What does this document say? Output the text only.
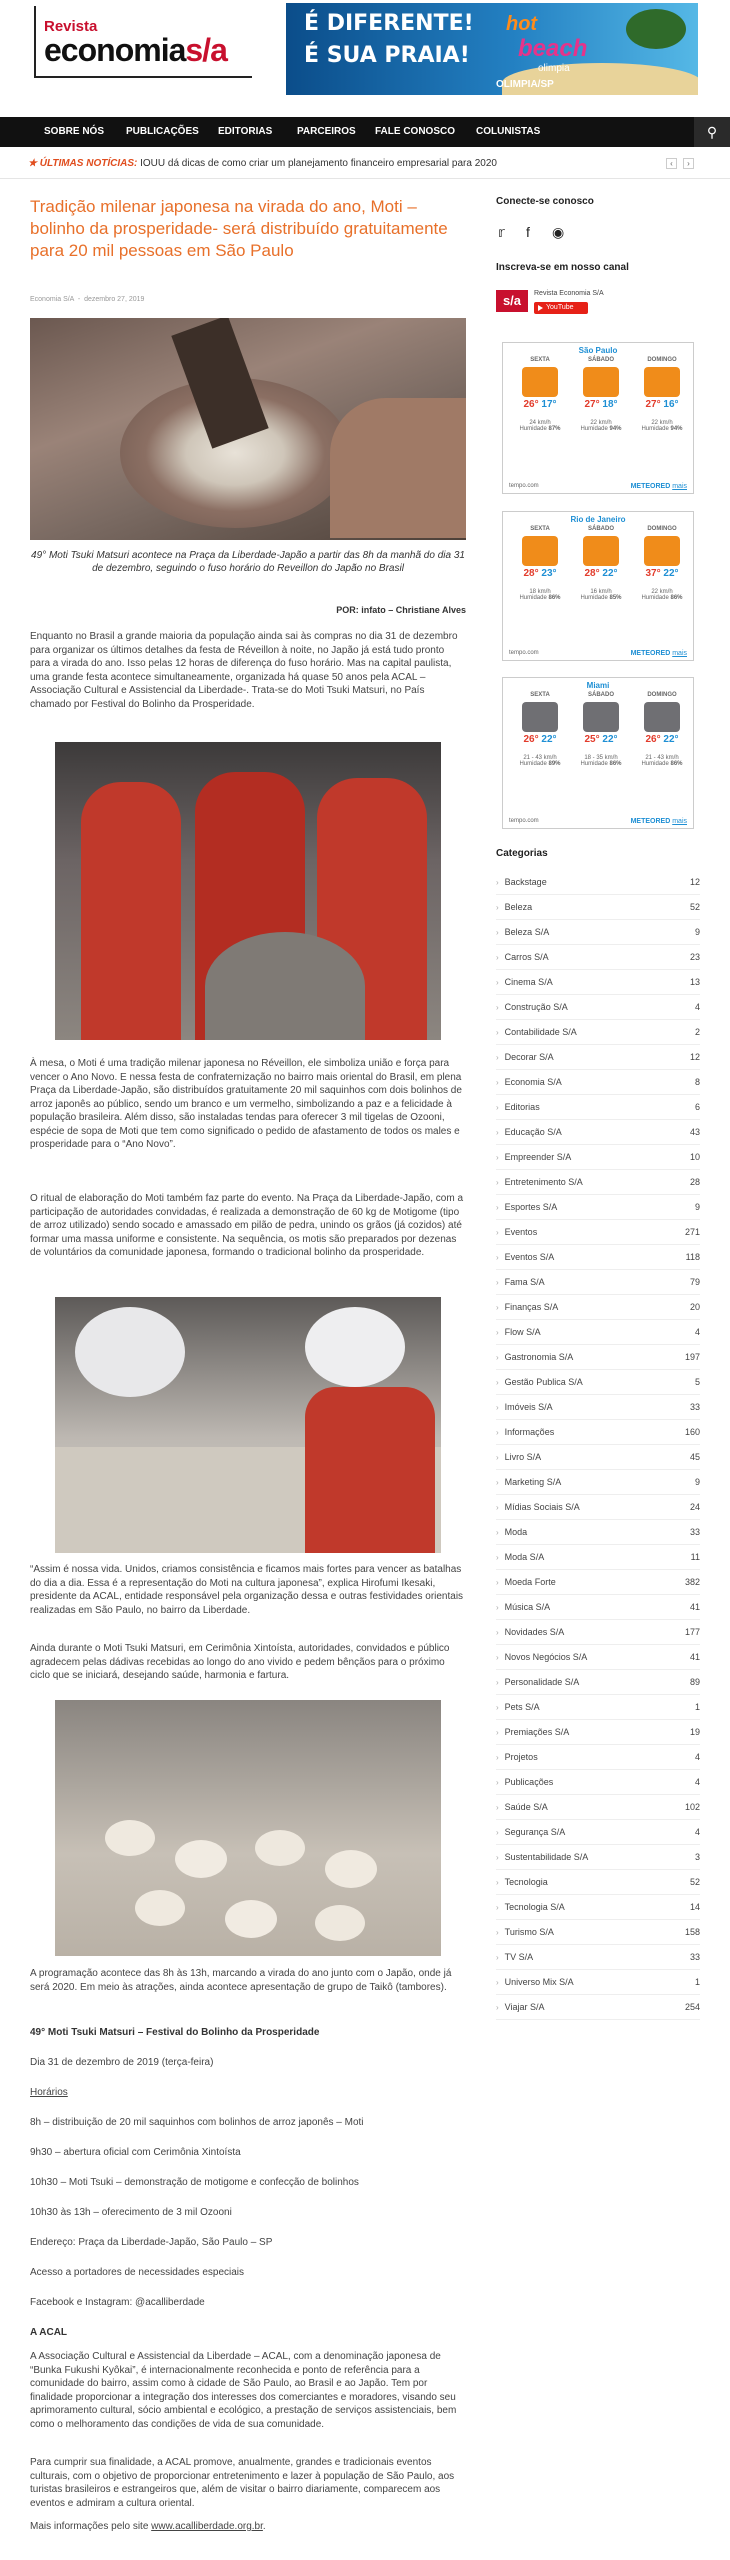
Revista
economias/a
É DIFERENTE!
É SUA PRAIA!
hot
beach
olimpia
OLIMPIA/SP
SOBRE NÓS PUBLICAÇÕES EDITORIAS PARCEIROS FALE CONOSCO COLUNISTAS	⚲
★ ÚLTIMAS NOTÍCIAS: IOUU dá dicas de como criar um planejamento financeiro empresarial para 2020	‹	›
Tradição milenar japonesa na virada do ano, Moti –bolinho da prosperidade- será distribuído gratuitamente para 20 mil pessoas em São Paulo
Economia S/A  -  dezembro 27, 2019
49° Moti Tsuki Matsuri acontece na Praça da Liberdade-Japão a partir das 8h da manhã do dia 31 de dezembro, seguindo o fuso horário do Reveillon do Japão no Brasil
POR: infato – Christiane Alves
Enquanto no Brasil a grande maioria da população ainda sai às compras no dia 31 de dezembro para organizar os últimos detalhes da festa de Réveillon à noite, no Japão já está tudo pronto para a virada do ano. Isso pelas 12 horas de diferença do fuso horário. Mas na capital paulista, uma grande festa acontece simultaneamente, organizada há quase 50 anos pela ACAL –Associação Cultural e Assistencial da Liberdade-. Trata-se do Moti Tsuki Matsuri, no País chamado por Festival do Bolinho da Prosperidade.
À mesa, o Moti é uma tradição milenar japonesa no Réveillon, ele simboliza união e força para vencer o Ano Novo. E nessa festa de confraternização no bairro mais oriental do Brasil, em plena Praça da Liberdade-Japão, são distribuídos gratuitamente 20 mil saquinhos com dois bolinhos de arroz japonês ao público, sendo um branco e um vermelho, simbolizando a paz e a felicidade à população brasileira. Além disso, são instaladas tendas para oferecer 3 mil tigelas de Ozooni, espécie de sopa de Moti que tem como significado o pedido de afastamento de todos os males e prosperidade para o “Ano Novo”.
O ritual de elaboração do Moti também faz parte do evento. Na Praça da Liberdade-Japão, com a participação de autoridades convidadas, é realizada a demonstração de 60 kg de Motigome (tipo de arroz utilizado) sendo socado e amassado em pilão de pedra, unindo os grãos (já cozidos) até formar uma massa uniforme e consistente. Na sequência, os motis são preparados por dezenas de voluntários da comunidade japonesa, formando o tradicional bolinho da prosperidade.
“Assim é nossa vida. Unidos, criamos consistência e ficamos mais fortes para vencer as batalhas do dia a dia. Essa é a representação do Moti na cultura japonesa”, explica Hirofumi Ikesaki, presidente da ACAL, entidade responsável pela organização dessa e outras festividades orientais realizadas em São Paulo, no bairro da Liberdade.
Ainda durante o Moti Tsuki Matsuri, em Cerimônia Xintoísta, autoridades, convidados e público agradecem pelas dádivas recebidas ao longo do ano vivido e pedem bênçãos para o próximo ciclo que se iniciará, desejando saúde, harmonia e fartura.
A programação acontece das 8h às 13h, marcando a virada do ano junto com o Japão, onde já será 2020. Em meio às atrações, ainda acontece apresentação de grupo de Taikô (tambores).
49° Moti Tsuki Matsuri – Festival do Bolinho da Prosperidade
Dia 31 de dezembro de 2019 (terça-feira)
Horários
8h – distribuição de 20 mil saquinhos com bolinhos de arroz japonês – Moti
9h30 – abertura oficial com Cerimônia Xintoísta
10h30 – Moti Tsuki – demonstração de motigome e confecção de bolinhos
10h30 às 13h – oferecimento de 3 mil Ozooni
Endereço: Praça da Liberdade-Japão, São Paulo – SP
Acesso a portadores de necessidades especiais
Facebook e Instagram: @acalliberdade
A ACAL
A Associação Cultural e Assistencial da Liberdade – ACAL, com a denominação japonesa de “Bunka Fukushi Kyôkai”, é internacionalmente reconhecida e ponto de referência para a comunidade do bairro, assim como à cidade de São Paulo, ao Brasil e ao Japão. Tem por finalidade proporcionar a integração dos interesses dos comerciantes e moradores, visando seu aprimoramento cultural, sócio ambiental e ecológico, a prestação de serviços assistenciais, bem como o melhoramento das condições de vida de sua comunidade.
Para cumprir sua finalidade, a ACAL promove, anualmente, grandes e tradicionais eventos culturais, com o objetivo de proporcionar entretenimento e lazer à população de São Paulo, aos turistas brasileiros e estrangeiros que, além de visitar o bairro diariamente, comparecem aos eventos e admiram a cultura oriental.
Mais informações pelo site www.acalliberdade.org.br.
Conecte-se conosco
𝕣 f ◉
Inscreva-se em nosso canal
s/a	Revista Economia S/A
YouTube
São Paulo
SEXTA
26° 17°
24 km/h
Humidade 87%
SÁBADO
27° 18°
22 km/h
Humidade 94%
DOMINGO
27° 16°
22 km/h
Humidade 94%
tempo.com	METEORED mais
Rio de Janeiro
SEXTA
28° 23°
18 km/h
Humidade 86%
SÁBADO
28° 22°
16 km/h
Humidade 85%
DOMINGO
37° 22°
22 km/h
Humidade 86%
tempo.com	METEORED mais
Miami
SEXTA
26° 22°
21 - 43 km/h
Humidade 89%
SÁBADO
25° 22°
18 - 35 km/h
Humidade 86%
DOMINGO
26° 22°
21 - 43 km/h
Humidade 86%
tempo.com	METEORED mais
Categorias
› Backstage	12
› Beleza	52
› Beleza S/A	9
› Carros S/A	23
› Cinema S/A	13
› Construção S/A	4
› Contabilidade S/A	2
› Decorar S/A	12
› Economia S/A	8
› Editorias	6
› Educação S/A	43
› Empreender S/A	10
› Entretenimento S/A	28
› Esportes S/A	9
› Eventos	271
› Eventos S/A	118
› Fama S/A	79
› Finanças S/A	20
› Flow S/A	4
› Gastronomia S/A	197
› Gestão Publica S/A	5
› Imóveis S/A	33
› Informações	160
› Livro S/A	45
› Marketing S/A	9
› Mídias Sociais S/A	24
› Moda	33
› Moda S/A	11
› Moeda Forte	382
› Música S/A	41
› Novidades S/A	177
› Novos Negócios S/A	41
› Personalidade S/A	89
› Pets S/A	1
› Premiações S/A	19
› Projetos	4
› Publicações	4
› Saúde S/A	102
› Segurança S/A	4
› Sustentabilidade S/A	3
› Tecnologia	52
› Tecnologia S/A	14
› Turismo S/A	158
› TV S/A	33
› Universo Mix S/A	1
› Viajar S/A	254
